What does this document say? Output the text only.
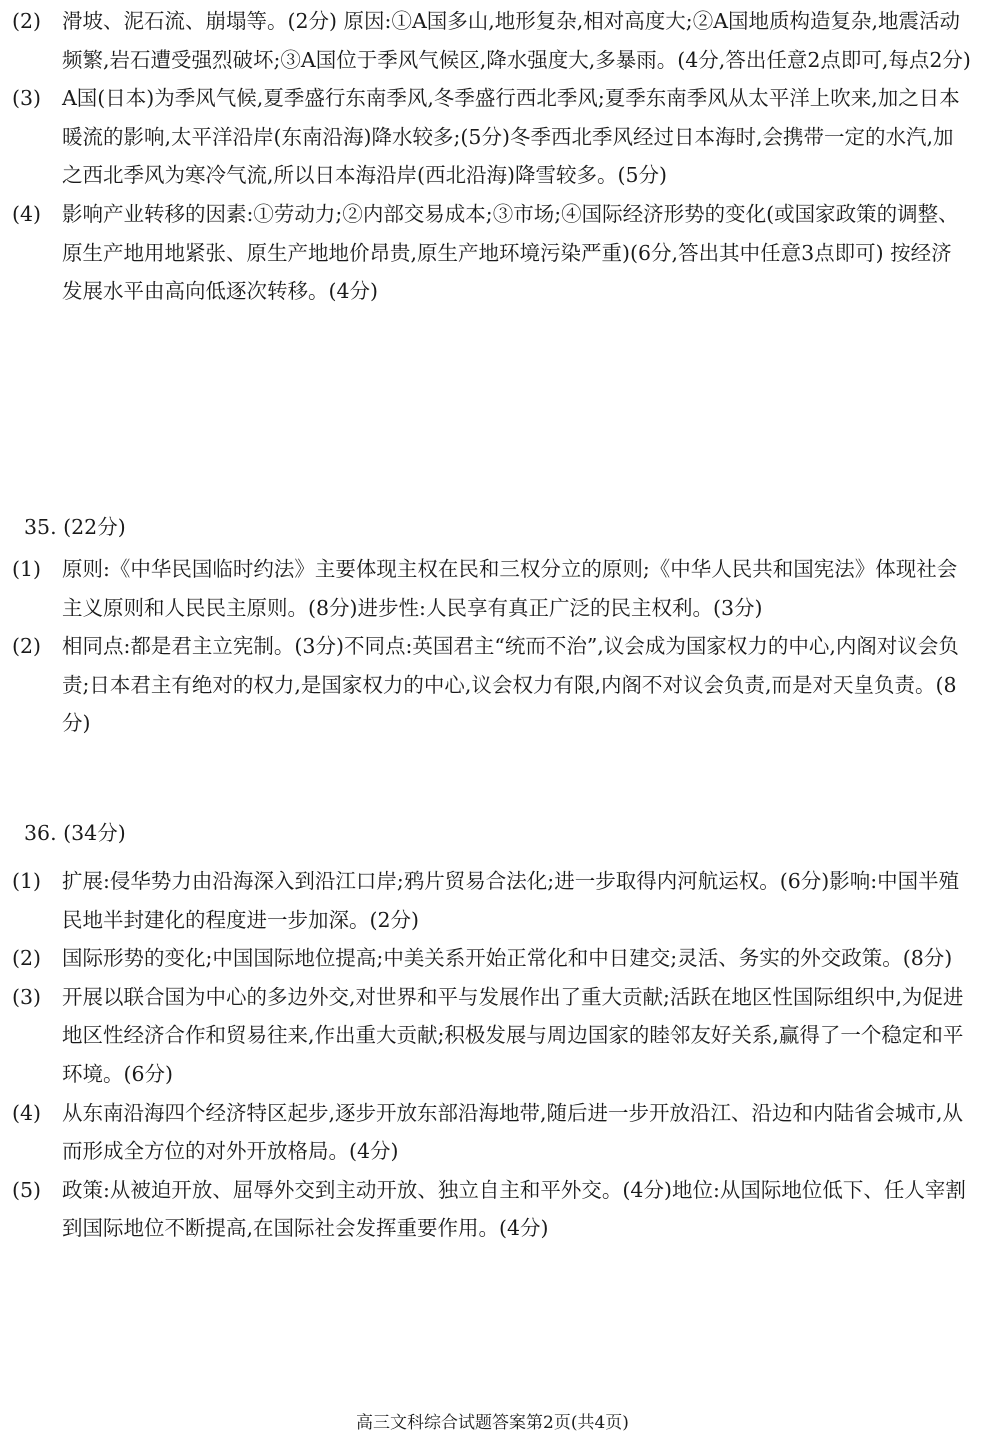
(2) 滑坡、泥石流、崩塌等。(2分) 原因:①A国多山,地形复杂,相对高度大;②A国地质构造复杂,地震活动频繁,岩石遭受强烈破坏;③A国位于季风气候区,降水强度大,多暴雨。(4分,答出任意2点即可,每点2分)
(3) A国(日本)为季风气候,夏季盛行东南季风,冬季盛行西北季风;夏季东南季风从太平洋上吹来,加之日本暖流的影响,太平洋沿岸(东南沿海)降水较多;(5分)冬季西北季风经过日本海时,会携带一定的水汽,加之西北季风为寒冷气流,所以日本海沿岸(西北沿海)降雪较多。(5分)
(4) 影响产业转移的因素:①劳动力;②内部交易成本;③市场;④国际经济形势的变化(或国家政策的调整、原生产地用地紧张、原生产地地价昂贵,原生产地环境污染严重)(6分,答出其中任意3点即可) 按经济发展水平由高向低逐次转移。(4分)
35. (22分)
(1) 原则:《中华民国临时约法》主要体现主权在民和三权分立的原则;《中华人民共和国宪法》体现社会主义原则和人民民主原则。(8分)进步性:人民享有真正广泛的民主权利。(3分)
(2) 相同点:都是君主立宪制。(3分)不同点:英国君主“统而不治”,议会成为国家权力的中心,内阁对议会负责;日本君主有绝对的权力,是国家权力的中心,议会权力有限,内阁不对议会负责,而是对天皇负责。(8分)
36. (34分)
(1) 扩展:侵华势力由沿海深入到沿江口岸;鸦片贸易合法化;进一步取得内河航运权。(6分)影响:中国半殖民地半封建化的程度进一步加深。(2分)
(2) 国际形势的变化;中国国际地位提高;中美关系开始正常化和中日建交;灵活、务实的外交政策。(8分)
(3) 开展以联合国为中心的多边外交,对世界和平与发展作出了重大贡献;活跃在地区性国际组织中,为促进地区性经济合作和贸易往来,作出重大贡献;积极发展与周边国家的睦邻友好关系,赢得了一个稳定和平环境。(6分)
(4) 从东南沿海四个经济特区起步,逐步开放东部沿海地带,随后进一步开放沿江、沿边和内陆省会城市,从而形成全方位的对外开放格局。(4分)
(5) 政策:从被迫开放、屈辱外交到主动开放、独立自主和平外交。(4分)地位:从国际地位低下、任人宰割到国际地位不断提高,在国际社会发挥重要作用。(4分)
高三文科综合试题答案第2页(共4页)
